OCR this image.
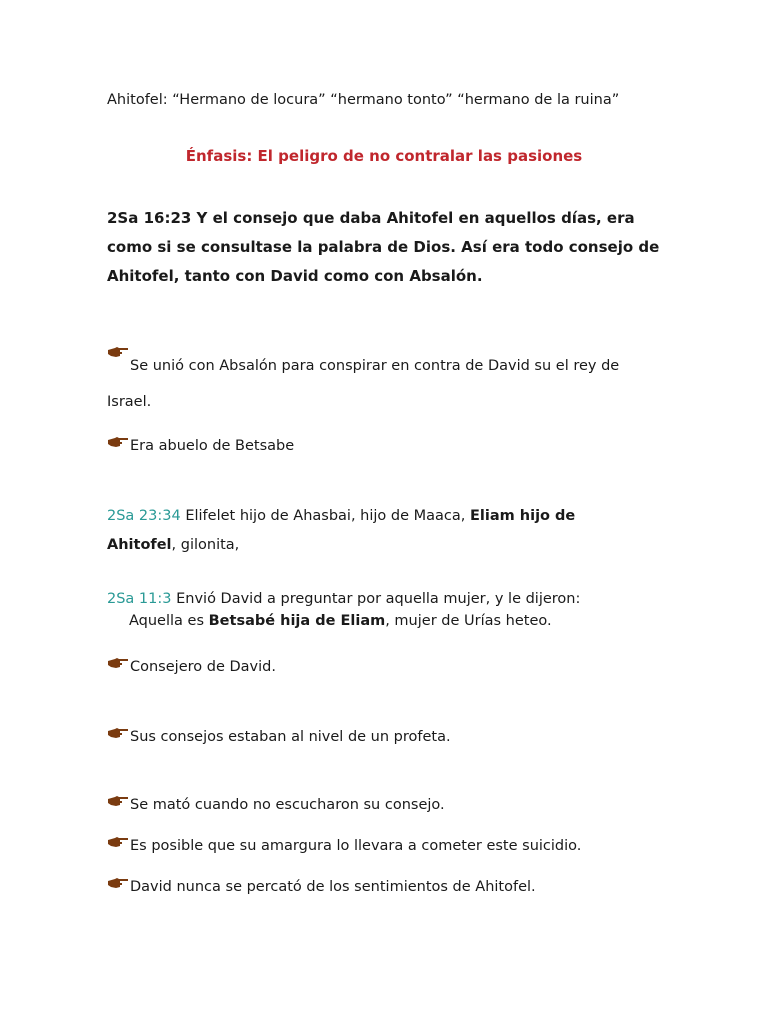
Ahitofel: “Hermano de locura” “hermano tonto” “hermano de la ruina”
Énfasis: El peligro de no contralar las pasiones
2Sa 16:23 Y el consejo que daba Ahitofel en aquellos días, era
como si se consultase la palabra de Dios. Así era todo consejo de
Ahitofel, tanto con David como con Absalón.
Se unió con Absalón para conspirar en contra de David su el rey de
Israel.
Era abuelo de Betsabe
2Sa 23:34 Elifelet hijo de Ahasbai, hijo de Maaca, Eliam hijo de
Ahitofel, gilonita,
2Sa 11:3 Envió David a preguntar por aquella mujer, y le dijeron:
Aquella es Betsabé hija de Eliam, mujer de Urías heteo.
Consejero de David.
Sus consejos estaban al nivel de un profeta.
Se mató cuando no escucharon su consejo.
Es posible que su amargura lo llevara a cometer este suicidio.
David nunca se percató de los sentimientos de Ahitofel.
